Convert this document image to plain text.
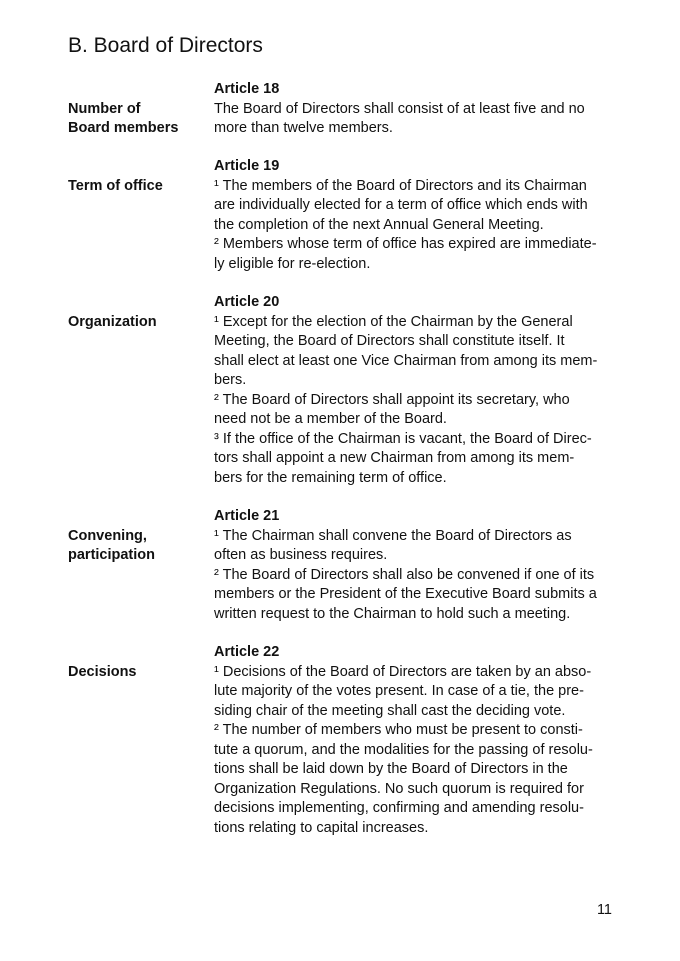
B. Board of Directors
Number of
Board members
Article 18
The Board of Directors shall consist of at least five and no
more than twelve members.
Term of office
Article 19
¹ The members of the Board of Directors and its Chairman
are individually elected for a term of office which ends with
the completion of the next Annual General Meeting.
² Members whose term of office has expired are immediate-
ly eligible for re-election.
Organization
Article 20
¹ Except for the election of the Chairman by the General
Meeting, the Board of Directors shall constitute itself. It
shall elect at least one Vice Chairman from among its mem-
bers.
² The Board of Directors shall appoint its secretary, who
need not be a member of the Board.
³ If the office of the Chairman is vacant, the Board of Direc-
tors shall appoint a new Chairman from among its mem-
bers for the remaining term of office.
Convening,
participation
Article 21
¹ The Chairman shall convene the Board of Directors as
often as business requires.
² The Board of Directors shall also be convened if one of its
members or the President of the Executive Board submits a
written request to the Chairman to hold such a meeting.
Decisions
Article 22
¹ Decisions of the Board of Directors are taken by an abso-
lute majority of the votes present. In case of a tie, the pre-
siding chair of the meeting shall cast the deciding vote.
² The number of members who must be present to consti-
tute a quorum, and the modalities for the passing of resolu-
tions shall be laid down by the Board of Directors in the
Organization Regulations. No such quorum is required for
decisions implementing, confirming and amending resolu-
tions relating to capital increases.
11
